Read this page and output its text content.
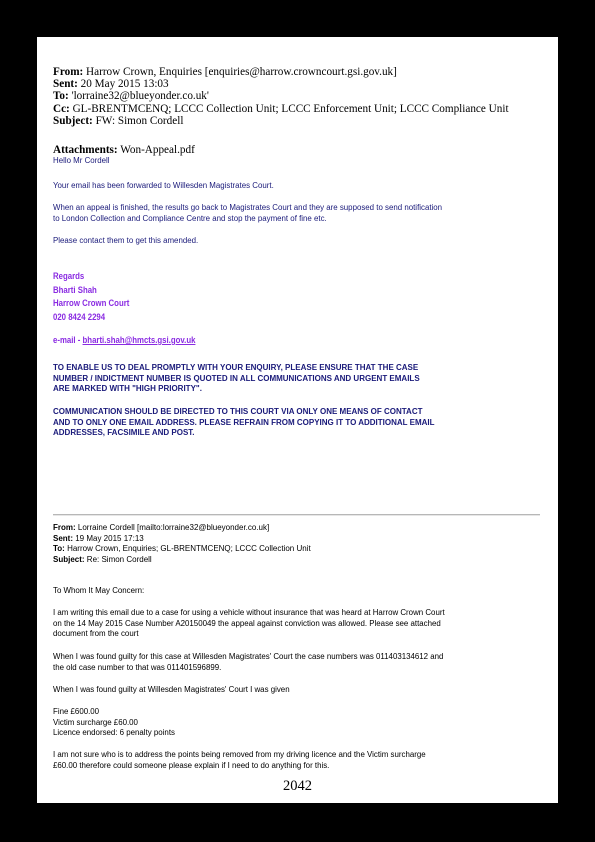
From: Harrow Crown, Enquiries [enquiries@harrow.crowncourt.gsi.gov.uk]
Sent: 20 May 2015 13:03
To: 'lorraine32@blueyonder.co.uk'
Cc: GL-BRENTMCENQ; LCCC Collection Unit; LCCC Enforcement Unit; LCCC Compliance Unit
Subject: FW: Simon Cordell
Attachments: Won-Appeal.pdf
Hello Mr Cordell
Your email has been forwarded to Willesden Magistrates Court.
When an appeal is finished, the results go back to Magistrates Court and they are supposed to send notification
to London Collection and Compliance Centre and stop the payment of fine etc.
Please contact them to get this amended.
Regards
Bharti Shah
Harrow Crown Court
020 8424 2294
e-mail - bharti.shah@hmcts.gsi.gov.uk
TO ENABLE US TO DEAL PROMPTLY WITH YOUR ENQUIRY, PLEASE ENSURE THAT THE CASE
NUMBER / INDICTMENT NUMBER IS QUOTED IN ALL COMMUNICATIONS AND URGENT EMAILS
ARE MARKED WITH "HIGH PRIORITY".
COMMUNICATION SHOULD BE DIRECTED TO THIS COURT VIA ONLY ONE MEANS OF CONTACT
AND TO ONLY ONE EMAIL ADDRESS. PLEASE REFRAIN FROM COPYING IT TO ADDITIONAL EMAIL
ADDRESSES, FACSIMILE AND POST.
From: Lorraine Cordell [mailto:lorraine32@blueyonder.co.uk]
Sent: 19 May 2015 17:13
To: Harrow Crown, Enquiries; GL-BRENTMCENQ; LCCC Collection Unit
Subject: Re: Simon Cordell
To Whom It May Concern:
I am writing this email due to a case for using a vehicle without insurance that was heard at Harrow Crown Court
on the 14 May 2015 Case Number A20150049 the appeal against conviction was allowed. Please see attached
document from the court
When I was found guilty for this case at Willesden Magistrates' Court the case numbers was 011403134612 and
the old case number to that was 011401596899.
When I was found guilty at Willesden Magistrates' Court I was given
Fine £600.00
Victim surcharge £60.00
Licence endorsed: 6 penalty points
I am not sure who is to address the points being removed from my driving licence and the Victim surcharge
£60.00 therefore could someone please explain if I need to do anything for this.
2042
